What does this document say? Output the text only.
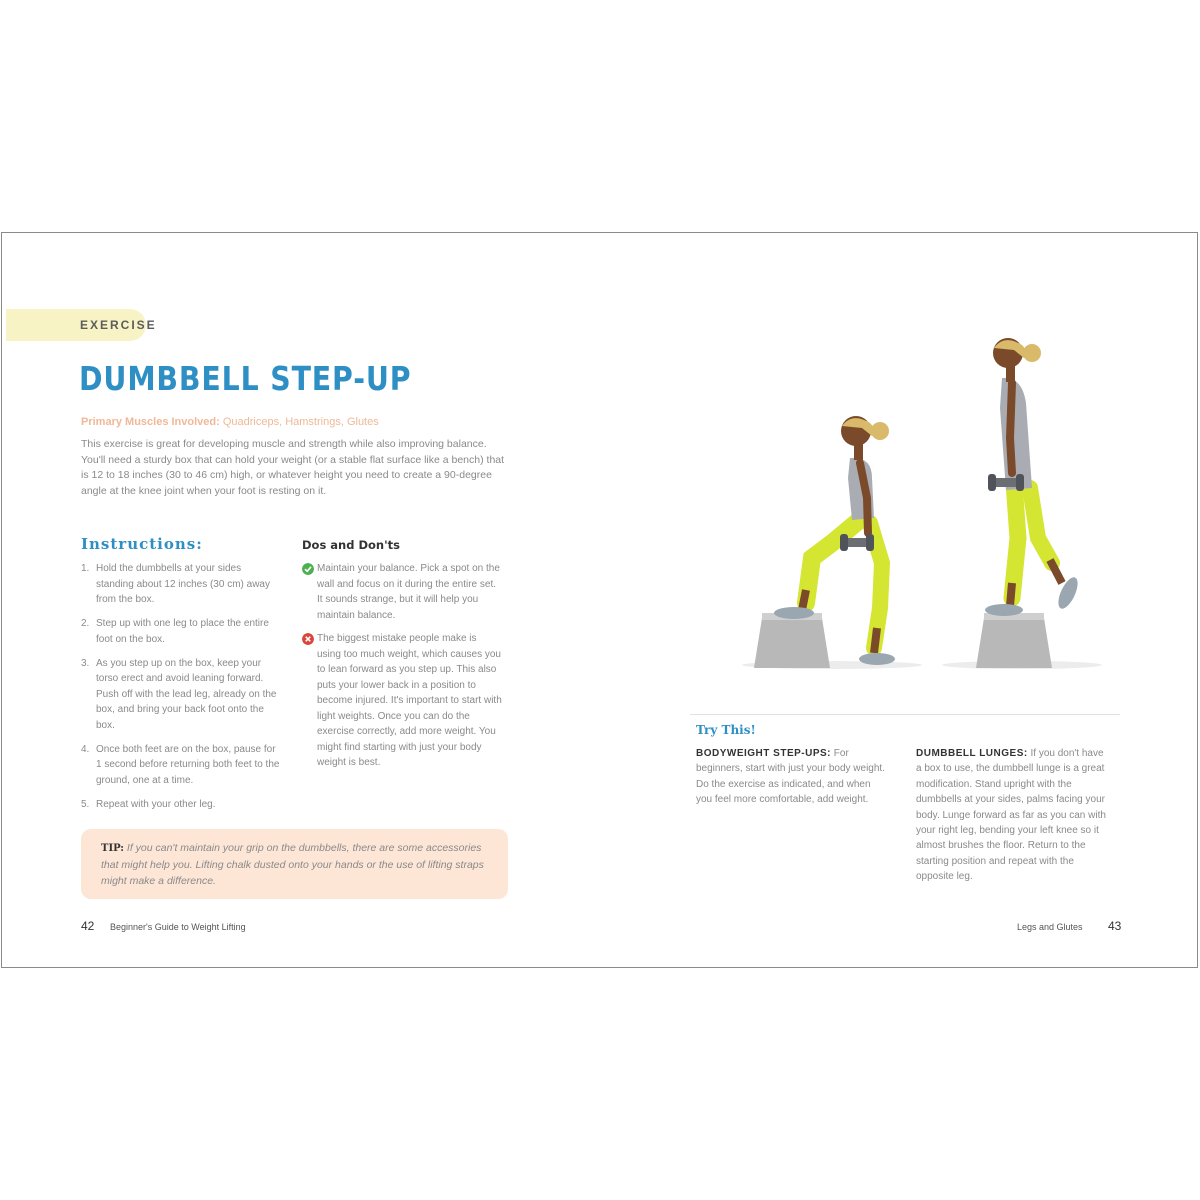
EXERCISE
DUMBBELL STEP-UP
Primary Muscles Involved: Quadriceps, Hamstrings, Glutes

This exercise is great for developing muscle and strength while also improving balance. You'll need a sturdy box that can hold your weight (or a stable flat surface like a bench) that is 12 to 18 inches (30 to 46 cm) high, or whatever height you need to create a 90-degree angle at the knee joint when your foot is resting on it.

Instructions:	Dos and Don'ts
1. Hold the dumbbells at your sides standing about 12 inches (30 cm) away from the box.
2. Step up with one leg to place the entire foot on the box.
3. As you step up on the box, keep your torso erect and avoid leaning forward. Push off with the lead leg, already on the box, and bring your back foot onto the box.
4. Once both feet are on the box, pause for 1 second before returning both feet to the ground, one at a time.
5. Repeat with your other leg.
Maintain your balance. Pick a spot on the wall and focus on it during the entire set. It sounds strange, but it will help you maintain balance.
The biggest mistake people make is using too much weight, which causes you to lean forward as you step up. This also puts your lower back in a position to become injured. It's important to start with light weights. Once you can do the exercise correctly, add more weight. You might find starting with just your body weight is best.

TIP: If you can't maintain your grip on the dumbbells, there are some accessories that might help you. Lifting chalk dusted onto your hands or the use of lifting straps might make a difference.

42 Beginner's Guide to Weight Lifting
Try This!

BODYWEIGHT STEP-UPS: For beginners, start with just your body weight. Do the exercise as indicated, and when you feel more comfortable, add weight.

DUMBBELL LUNGES: If you don't have a box to use, the dumbbell lunge is a great modification. Stand upright with the dumbbells at your sides, palms facing your body. Lunge forward as far as you can with your right leg, bending your left knee so it almost brushes the floor. Return to the starting position and repeat with the opposite leg.

Legs and Glutes 43
